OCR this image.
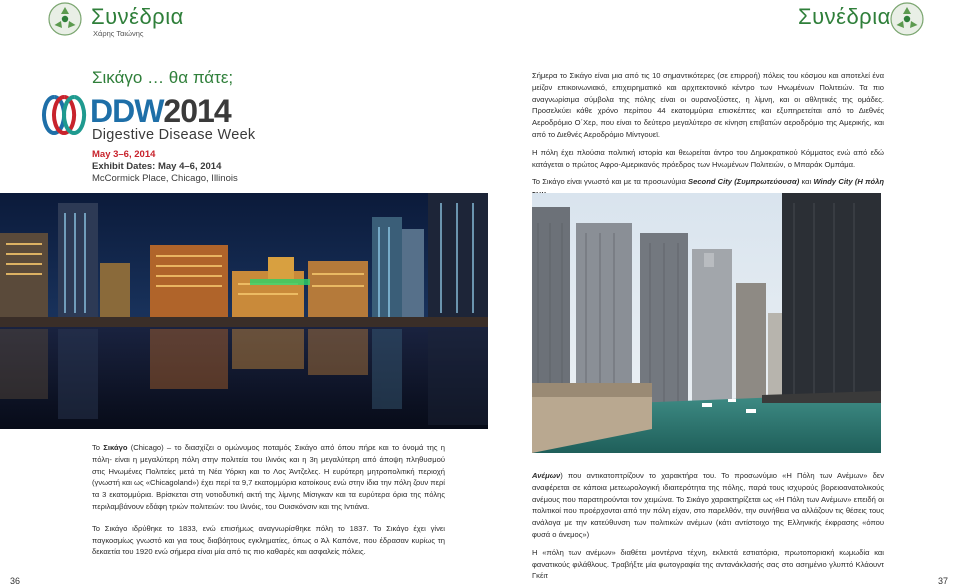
Συνέδρια
Χάρης Ταιώνης
Συνέδρια
Σικάγο … θα πάτε;
DDW2014
Digestive Disease Week
May 3–6, 2014
Exhibit Dates: May 4–6, 2014
McCormick Place, Chicago, Illinois

Σήμερα το Σικάγο είναι μια από τις 10 σημαντικότερες (σε επιρροή) πόλεις του κόσμου και αποτελεί ένα μείζον επικοινωνιακό, επιχειρηματικό και αρχιτεκτονικό κέντρο των Ηνωμένων Πολιτειών. Τα πιο αναγνωρίσιμα σύμβολα της πόλης είναι οι ουρανοξύστες, η λίμνη, και οι αθλητικές της ομάδες. Προσελκύει κάθε χρόνο περίπου 44 εκατομμύρια επισκέπτες και εξυπηρετείται από το Διεθνές Αεροδρόμιο Ο΄Χερ, που είναι το δεύτερο μεγαλύτερο σε κίνηση επιβατών αεροδρόμιο της Αμερικής, και από το Διεθνές Αεροδρόμιο Μίντγουεϊ.

Η πόλη έχει πλούσια πολιτική ιστορία και θεωρείται άντρο του Δημοκρατικού Κόμματος ενώ από εδώ κατάγεται ο πρώτος Αφρο-Αμερικανός πρόεδρος των Ηνωμένων Πολιτειών, ο Μπαράκ Ομπάμα.

Το Σικάγο είναι γνωστό και με τα προσωνύμια Second City (Συμπρωτεύουσα) και Windy City (Η πόλη

Το Σικάγο (Chicago) – το διασχίζει ο ομώνυμος ποταμός Σικάγο από όπου πήρε και το όνομά της η πόλη- είναι η μεγαλύτερη πόλη στην πολιτεία του Ιλινόις και η 3η μεγαλύτερη από άποψη πληθυσμού στις Ηνωμένες Πολιτείες μετά τη Νέα Υόρκη και το Λος Άντζελες. Η ευρύτερη μητροπολιτική περιοχή (γνωστή και ως «Chicagoland») έχει περί τα 9,7 εκατομμύρια κατοίκους ενώ στην ίδια την πόλη ζουν περί τα 3 εκατομμύρια. Βρίσκεται στη νοτιοδυτική ακτή της λίμνης Μίσιγκαν και τα ευρύτερα όρια της πόλης περιλαμβάνουν εδάφη τριών πολιτειών: του Ιλινόις, του Ουισκόνσιν και της Ιντιάνα.

Το Σικάγο ιδρύθηκε το 1833, ενώ επισήμως αναγνωρίσθηκε πόλη το 1837. Το Σικάγο έχει γίνει παγκοσμίως γνωστό και για τους διαβόητους εγκληματίες, όπως ο Άλ Καπόνε, που έδρασαν κυρίως τη δεκαετία του 1920 ενώ σήμερα είναι μία από τις πιο καθαρές και ασφαλείς πόλεις.

Ανέμων) που αντικατοπτρίζουν το χαρακτήρα του. Το προσωνύμιο «Η Πόλη των Ανέμων» δεν αναφέρεται σε κάποια μετεωρολογική ιδιαιτερότητα της πόλης, παρά τους ισχυρούς βορειοανατολικούς ανέμους που παρατηρούνται τον χειμώνα. Το Σικάγο χαρακτηρίζεται ως «Η Πόλη των Ανέμων» επειδή οι πολιτικοί που προέρχονται από την πόλη είχαν, στο παρελθόν, την συνήθεια να αλλάζουν τις θέσεις τους ανάλογα με την κατεύθυνση των πολιτικών ανέμων (κάτι αντίστοιχο της Ελληνικής έκφρασης «όπου φυσά ο άνεμος»)

Η «πόλη των ανέμων» διαθέτει μοντέρνα τέχνη, εκλεκτά εστιατόρια, πρωτοποριακή κωμωδία και φανατικούς φιλάθλους. Τραβήξτε μία φωτογραφία της αντανάκλασής σας στο ασημένιο γλυπτό Κλάουντ Γκέιτ

36	37
